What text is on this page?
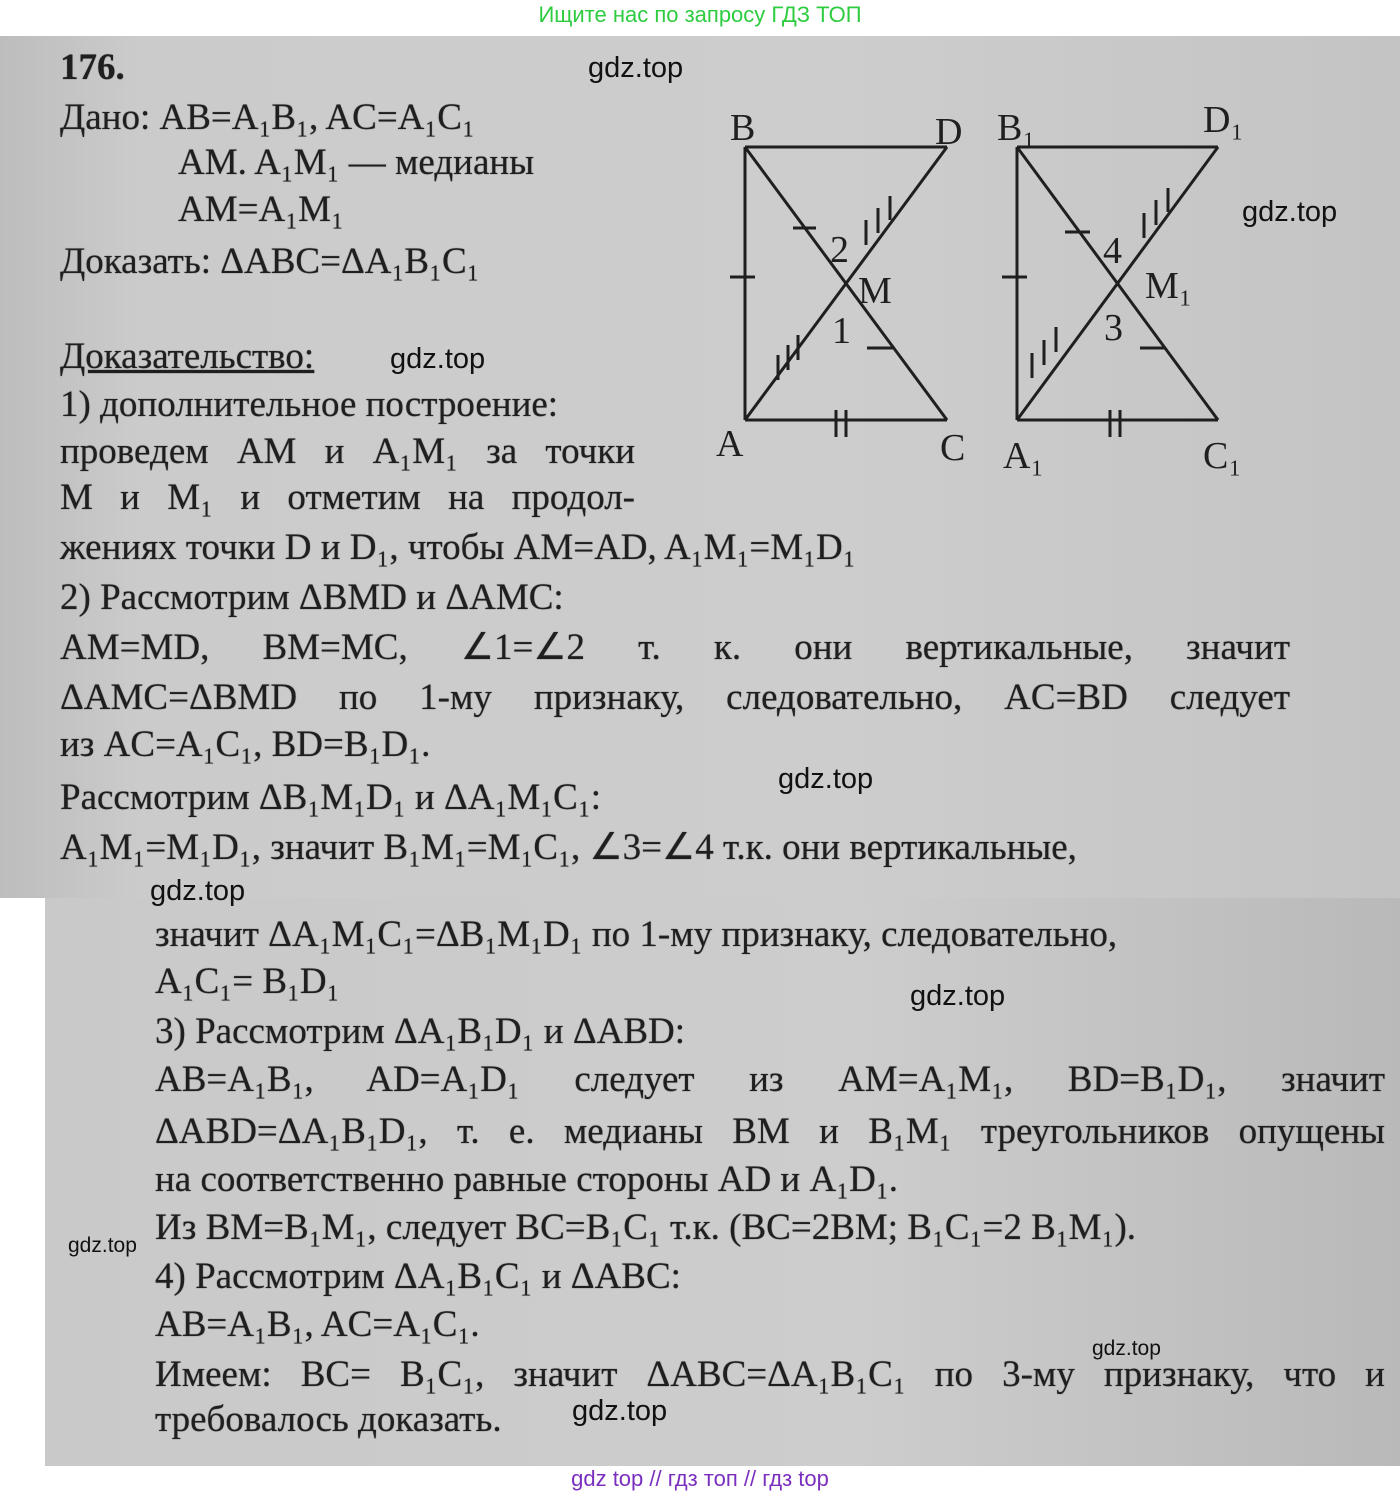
Ищите нас по запросу ГДЗ ТОП
176.
Дано: AB=A₁B₁, AC=A₁C₁
AM. A₁M₁ — медианы
AM=A₁M₁
Доказать: ΔABC=ΔA₁B₁C₁
Доказательство:
1) дополнительное построение:
проведем AM и A₁M₁ за точки
M и M₁ и отметим на продол-
жениях точки D и D₁, чтобы AM=AD, A₁M₁=M₁D₁
2) Рассмотрим ΔBMD и ΔAMC:
AM=MD, BM=MC, ∠1=∠2 т. к. они вертикальные, значит
ΔAMC=ΔBMD по 1-му признаку, следовательно, AC=BD следует
из AC=A₁C₁, BD=B₁D₁.
Рассмотрим ΔB₁M₁D₁ и ΔA₁M₁C₁:
A₁M₁=M₁D₁, значит B₁M₁=M₁C₁, ∠3=∠4 т.к. они вертикальные,
значит ΔA₁M₁C₁=ΔB₁M₁D₁ по 1-му признаку, следовательно,
A₁C₁= B₁D₁
3) Рассмотрим ΔA₁B₁D₁ и ΔABD:
AB=A₁B₁, AD=A₁D₁ следует из AM=A₁M₁, BD=B₁D₁, значит
ΔABD=ΔA₁B₁D₁, т. е. медианы BM и B₁M₁ треугольников опущены
на соответственно равные стороны AD и A₁D₁.
Из BM=B₁M₁, следует BC=B₁C₁ т.к. (BC=2BM; B₁C₁=2 B₁M₁).
4) Рассмотрим ΔA₁B₁C₁ и ΔABC:
AB=A₁B₁, AC=A₁C₁.
Имеем: BC= B₁C₁, значит ΔABC=ΔA₁B₁C₁ по 3-му признаку, что и
требовалось доказать.
B	D
A	C
M
2
1
B₁	D₁
A₁	C₁
M₁
4
3
gdz.top
gdz.top
gdz.top
gdz.top
gdz.top
gdz.top
gdz.top
gdz.top
gdz.top
gdz top // гдз топ // гдз top
